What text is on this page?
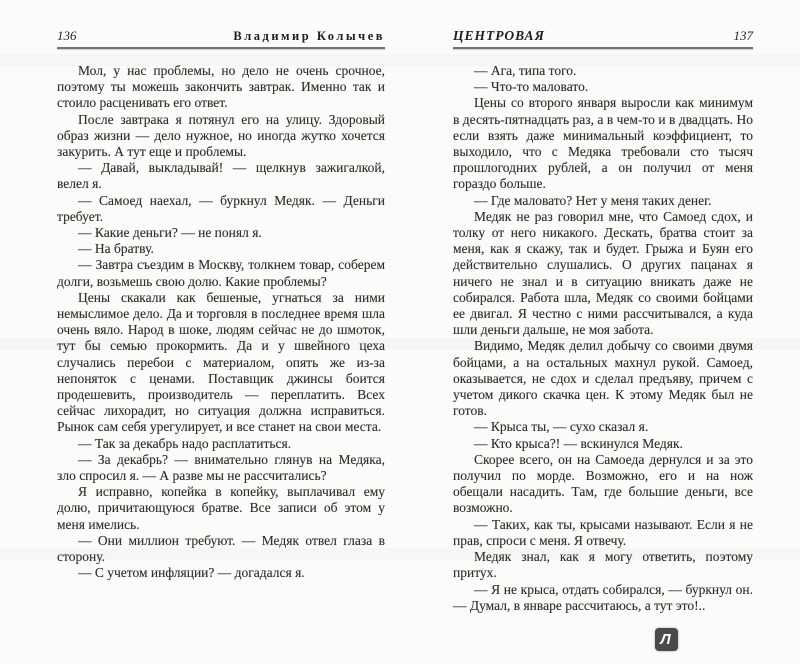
136	Владимир Колычев

Мол, у нас проблемы, но дело не очень срочное, поэтому ты можешь закончить завтрак. Именно так и стоило расценивать его ответ.

После завтрака я потянул его на улицу. Здоровый образ жизни — дело нужное, но иногда жутко хочется закурить. А тут еще и проблемы.

— Давай, выкладывай! — щелкнув зажигалкой, велел я.

— Самоед наехал, — буркнул Медяк. — Деньги требует.

— Какие деньги? — не понял я.

— На братву.

— Завтра съездим в Москву, толкнем товар, соберем долги, возьмешь свою долю. Какие проблемы?

Цены скакали как бешеные, угнаться за ними немыслимое дело. Да и торговля в последнее время шла очень вяло. Народ в шоке, людям сейчас не до шмоток, тут бы семью прокормить. Да и у швейного цеха случались перебои с материалом, опять же из-за непоняток с ценами. Поставщик джинсы боится продешевить, производитель — переплатить. Всех сейчас лихорадит, но ситуация должна исправиться. Рынок сам себя урегулирует, и все станет на свои места.

— Так за декабрь надо расплатиться.

— За декабрь? — внимательно глянув на Медяка, зло спросил я. — А разве мы не рассчитались?

Я исправно, копейка в копейку, выплачивал ему долю, причитающуюся братве. Все записи об этом у меня имелись.

— Они миллион требуют. — Медяк отвел глаза в сторону.

— С учетом инфляции? — догадался я.

ЦЕНТРОВАЯ	137

— Ага, типа того.

— Что-то маловато.

Цены со второго января выросли как минимум в десять-пятнадцать раз, а в чем-то и в двадцать. Но если взять даже минимальный коэффициент, то выходило, что с Медяка требовали сто тысяч прошлогодних рублей, а он получил от меня гораздо больше.

— Где маловато? Нет у меня таких денег.

Медяк не раз говорил мне, что Самоед сдох, и толку от него никакого. Дескать, братва стоит за меня, как я скажу, так и будет. Грыжа и Буян его действительно слушались. О других пацанах я ничего не знал и в ситуацию вникать даже не собирался. Работа шла, Медяк со своими бойцами ее двигал. Я честно с ними рассчитывался, а куда шли деньги дальше, не моя забота.

Видимо, Медяк делил добычу со своими двумя бойцами, а на остальных махнул рукой. Самоед, оказывается, не сдох и сделал предъяву, причем с учетом дикого скачка цен. К этому Медяк был не готов.

— Крыса ты, — сухо сказал я.

— Кто крыса?! — вскинулся Медяк.

Скорее всего, он на Самоеда дернулся и за это получил по морде. Возможно, его и на нож обещали насадить. Там, где большие деньги, все возможно.

— Таких, как ты, крысами называют. Если я не прав, спроси с меня. Я отвечу.

Медяк знал, как я могу ответить, поэтому притух.

— Я не крыса, отдать собирался, — буркнул он. — Думал, в январе рассчитаюсь, а тут это!..

Л
